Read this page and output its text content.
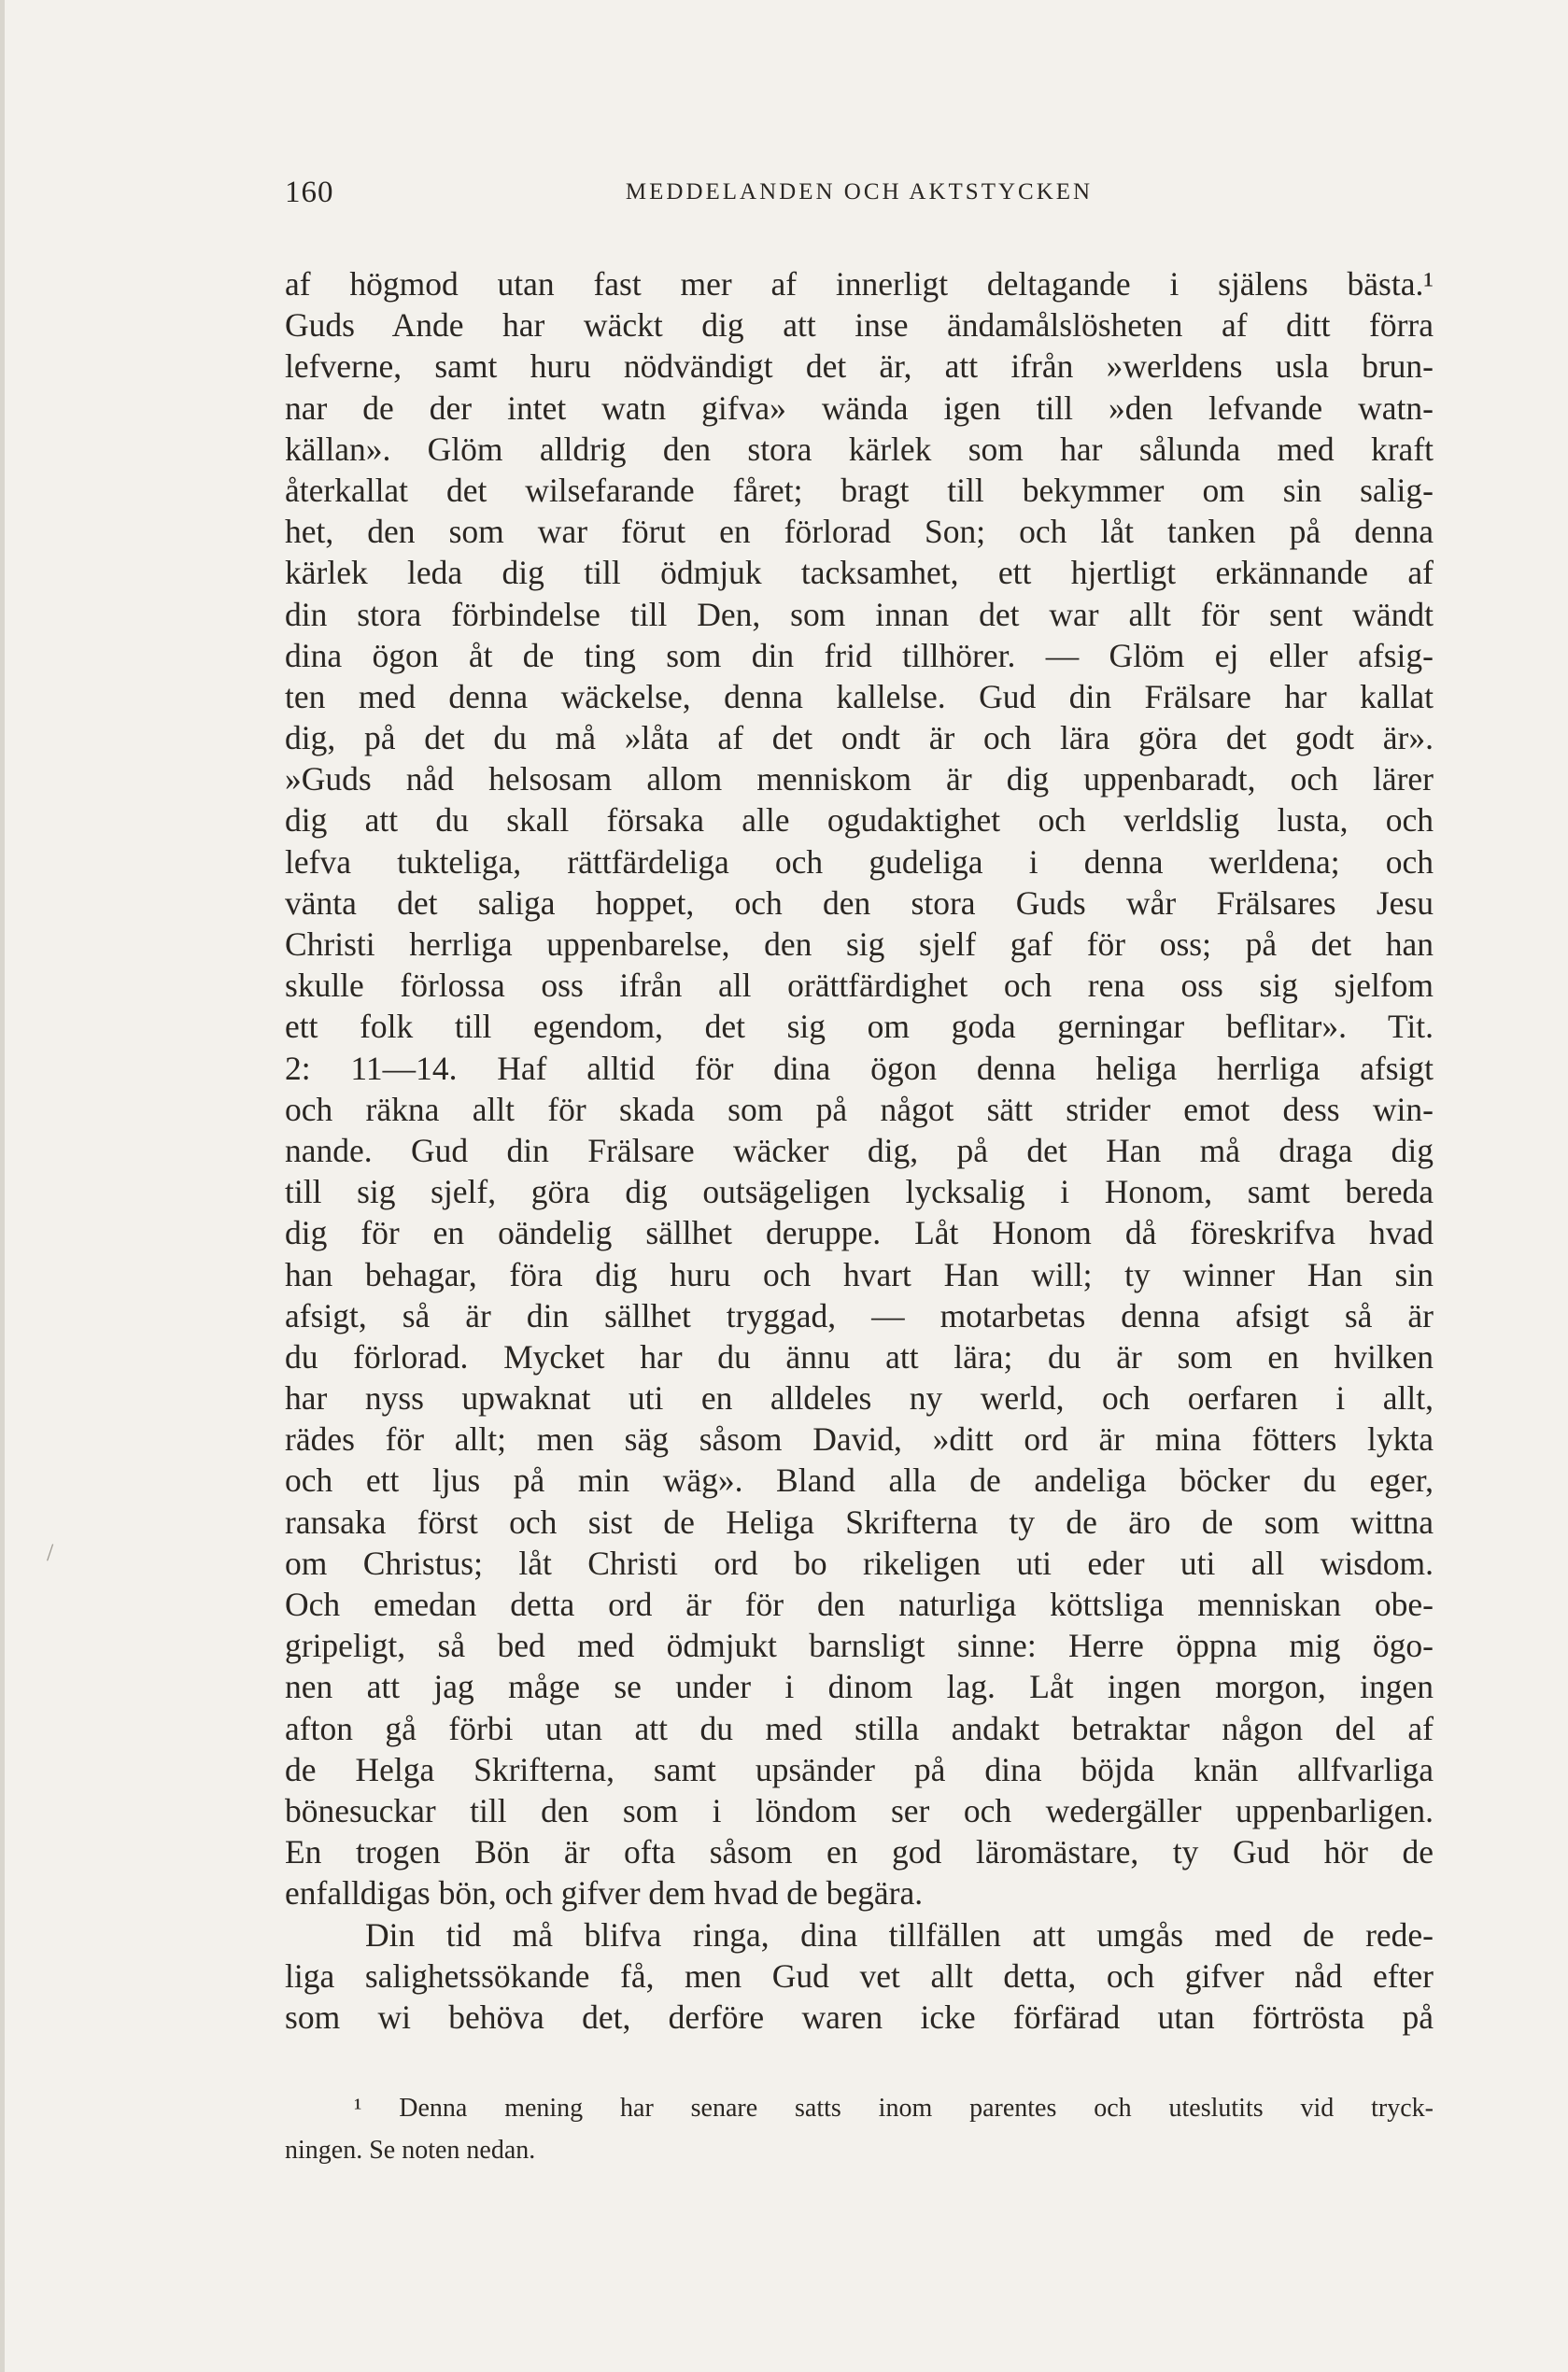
160	MEDDELANDEN OCH AKTSTYCKEN
af högmod utan fast mer af innerligt deltagande i själens bästa.¹
Guds Ande har wäckt dig att inse ändamålslösheten af ditt förra
lefverne, samt huru nödvändigt det är, att ifrån »werldens usla brun-
nar de der intet watn gifva» wända igen till »den lefvande watn-
källan». Glöm alldrig den stora kärlek som har sålunda med kraft
återkallat det wilsefarande fåret; bragt till bekymmer om sin salig-
het, den som war förut en förlorad Son; och låt tanken på denna
kärlek leda dig till ödmjuk tacksamhet, ett hjertligt erkännande af
din stora förbindelse till Den, som innan det war allt för sent wändt
dina ögon åt de ting som din frid tillhörer. — Glöm ej eller afsig-
ten med denna wäckelse, denna kallelse. Gud din Frälsare har kallat
dig, på det du må »låta af det ondt är och lära göra det godt är».
»Guds nåd helsosam allom menniskom är dig uppenbaradt, och lärer
dig att du skall försaka alle ogudaktighet och verldslig lusta, och
lefva tukteliga, rättfärdeliga och gudeliga i denna werldena; och
vänta det saliga hoppet, och den stora Guds wår Frälsares Jesu
Christi herrliga uppenbarelse, den sig sjelf gaf för oss; på det han
skulle förlossa oss ifrån all orättfärdighet och rena oss sig sjelfom
ett folk till egendom, det sig om goda gerningar beflitar». Tit.
2: 11—14. Haf alltid för dina ögon denna heliga herrliga afsigt
och räkna allt för skada som på något sätt strider emot dess win-
nande. Gud din Frälsare wäcker dig, på det Han må draga dig
till sig sjelf, göra dig outsägeligen lycksalig i Honom, samt bereda
dig för en oändelig sällhet deruppe. Låt Honom då föreskrifva hvad
han behagar, föra dig huru och hvart Han will; ty winner Han sin
afsigt, så är din sällhet tryggad, — motarbetas denna afsigt så är
du förlorad. Mycket har du ännu att lära; du är som en hvilken
har nyss upwaknat uti en alldeles ny werld, och oerfaren i allt,
rädes för allt; men säg såsom David, »ditt ord är mina fötters lykta
och ett ljus på min wäg». Bland alla de andeliga böcker du eger,
ransaka först och sist de Heliga Skrifterna ty de äro de som wittna
om Christus; låt Christi ord bo rikeligen uti eder uti all wisdom.
Och emedan detta ord är för den naturliga köttsliga menniskan obe-
gripeligt, så bed med ödmjukt barnsligt sinne: Herre öppna mig ögo-
nen att jag måge se under i dinom lag. Låt ingen morgon, ingen
afton gå förbi utan att du med stilla andakt betraktar någon del af
de Helga Skrifterna, samt upsänder på dina böjda knän allfvarliga
bönesuckar till den som i löndom ser och wedergäller uppenbarligen.
En trogen Bön är ofta såsom en god läromästare, ty Gud hör de
enfalldigas bön, och gifver dem hvad de begära.
Din tid må blifva ringa, dina tillfällen att umgås med de rede-
liga salighetssökande få, men Gud vet allt detta, och gifver nåd efter
som wi behöva det, derföre waren icke förfärad utan förtrösta på
¹ Denna mening har senare satts inom parentes och uteslutits vid tryck-
ningen. Se noten nedan.
/
